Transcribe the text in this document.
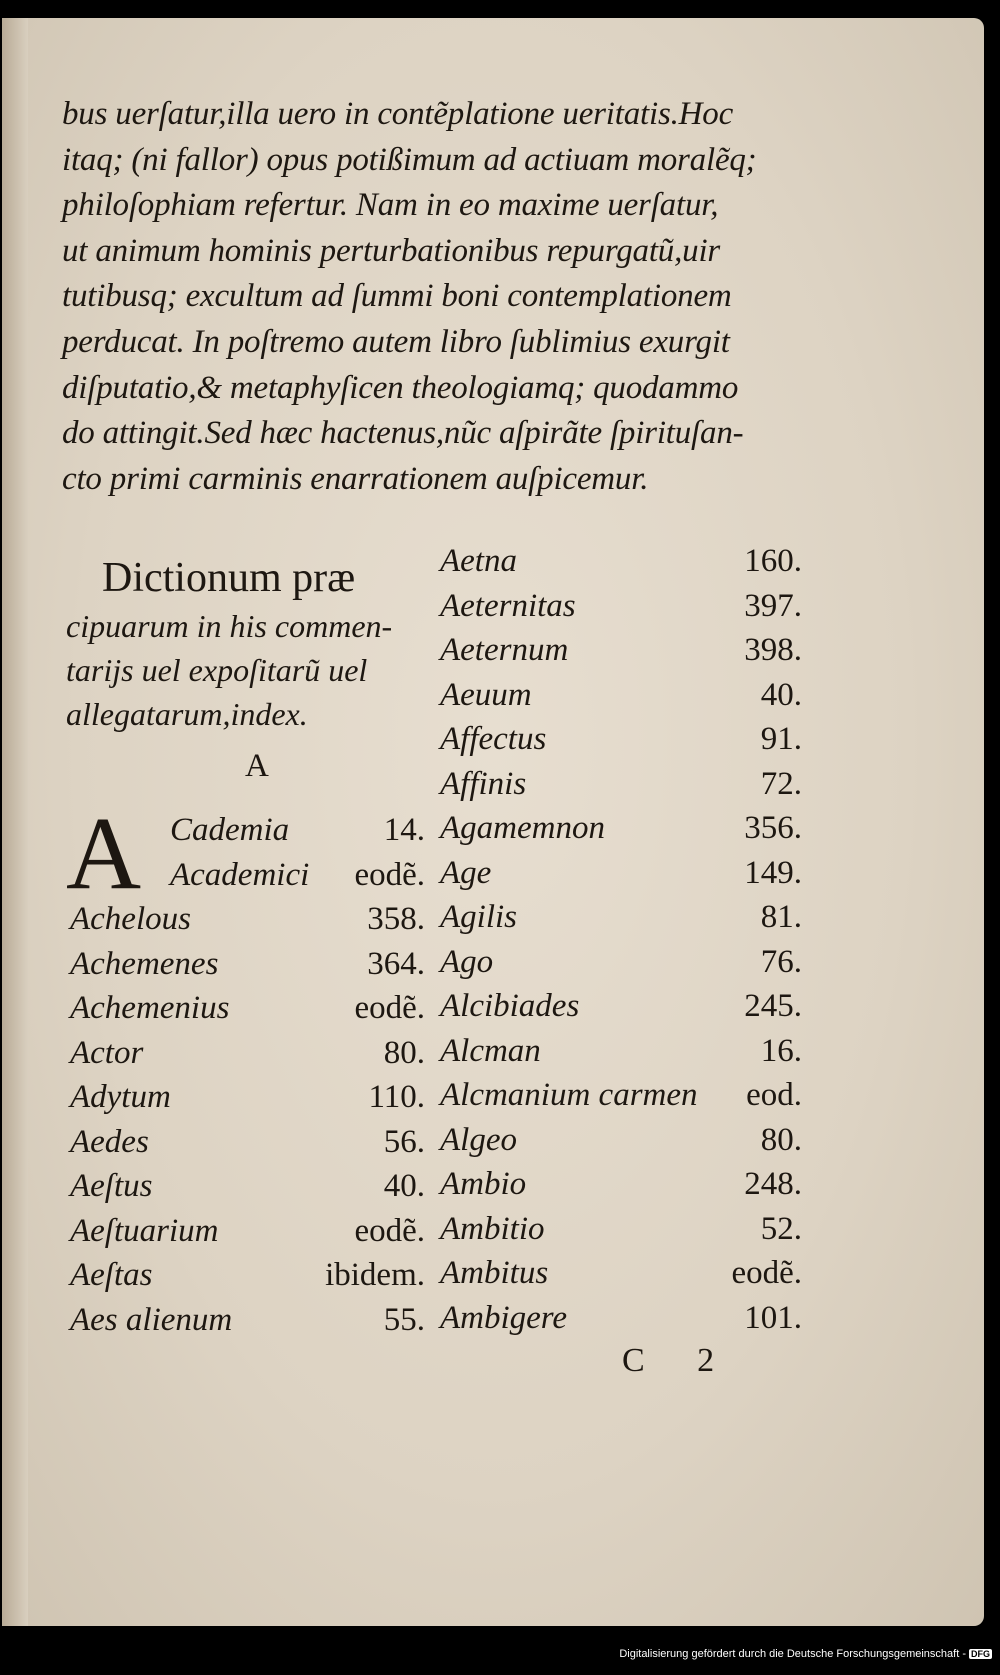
bus uerſatur,illa uero in contẽplatione ueritatis.Hoc
itaq; (ni fallor) opus potißimum ad actiuam moralẽq;
philoſophiam refertur. Nam in eo maxime uerſatur,
ut animum hominis perturbationibus repurgatũ,uir
tutibusq; excultum ad ſummi boni contemplationem
perducat. In poſtremo autem libro ſublimius exurgit
diſputatio,& metaphyſicen theologiamq; quodammo
do attingit.Sed hæc hactenus,nũc aſpirãte ſpirituſan-
cto primi carminis enarrationem auſpicemur.
Dictionum præ
cipuarum in his commen-
tarijs uel expoſitarũ uel
allegatarum,index.
A
A Cademia	14.
Academici eodẽ.
Achelous	358.
Achemenes	364.
Achemenius	eodẽ.
Actor	80.
Adytum	110.
Aedes	56.
Aeſtus	40.
Aeſtuarium	eodẽ.
Aeſtas	ibidem.
Aes alienum	55.
Aetna	160.
Aeternitas	397.
Aeternum	398.
Aeuum	40.
Affectus	91.
Affinis	72.
Agamemnon	356.
Age	149.
Agilis	81.
Ago	76.
Alcibiades	245.
Alcman	16.
Alcmanium carmen eod.
Algeo	80.
Ambio	248.
Ambitio	52.
Ambitus	eodẽ.
Ambigere	101.
C 2
Digitalisierung gefördert durch die Deutsche Forschungsgemeinschaft - DFG
